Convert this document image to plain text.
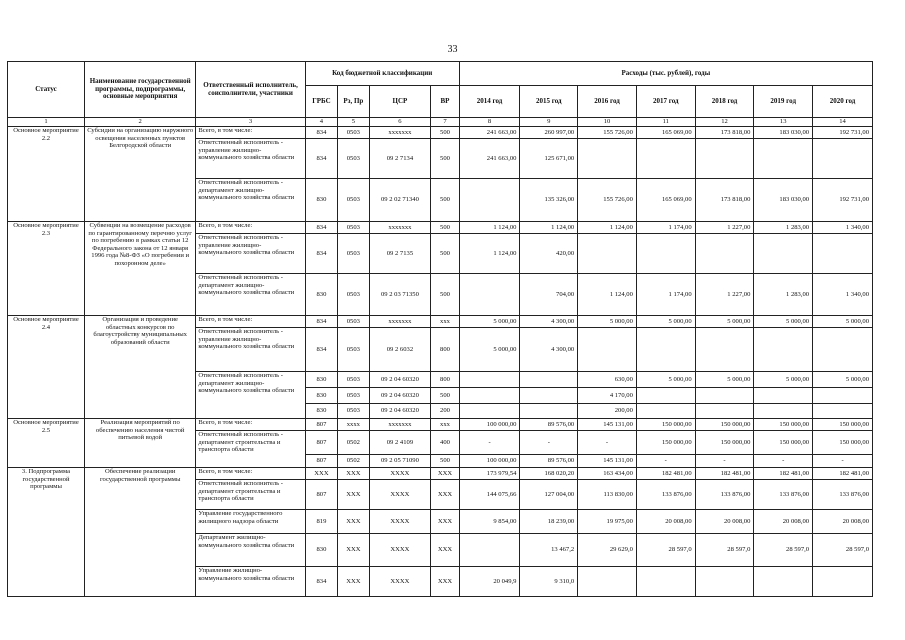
33
Статус	Наименование государственной программы, подпрограммы, основные мероприятия	Ответственный исполнитель, соисполнители, участники	Код бюджетной классификации				Расходы (тыс. рублей), годы						
			ГРБС	Рз, Пр	ЦСР	ВР	2014 год	2015 год	2016 год	2017 год	2018 год	2019 год	2020 год
1	2	3	4	5	6	7	8	9	10	11	12	13	14
Основное мероприятие 2.2	Субсидии на организацию наружного освещения населенных пунктов Белгородской области	Всего, в том числе:	834	0503	ххххххх	500	241 663,00	260 997,00	155 726,00	165 069,00	173 818,00	183 030,00	192 731,00
		Ответственный исполнитель - управление жилищно-коммунального хозяйства области	834	0503	09 2 7134	500	241 663,00	125 671,00					
		Ответственный исполнитель - департамент жилищно-коммунального хозяйства области	830	0503	09 2 02 71340	500		135 326,00	155 726,00	165 069,00	173 818,00	183 030,00	192 731,00
Основное мероприятие 2.3	Субвенции на возмещение расходов по гарантированному перечню услуг по погребению в рамках статьи 12 Федерального закона от 12 января 1996 года №8-ФЗ «О погребении и похоронном деле»	Всего, в том числе:	834	0503	ххххххх	500	1 124,00	1 124,00	1 124,00	1 174,00	1 227,00	1 283,00	1 340,00
		Ответственный исполнитель - управление жилищно-коммунального хозяйства области	834	0503	09 2 7135	500	1 124,00	420,00					
		Ответственный исполнитель - департамент жилищно-коммунального хозяйства области	830	0503	09 2 03 71350	500		704,00	1 124,00	1 174,00	1 227,00	1 283,00	1 340,00
Основное мероприятие 2.4	Организация и проведение областных конкурсов по благоустройству муниципальных образований области	Всего, в том числе:	834	0503	ххххххх	ххх	5 000,00	4 300,00	5 000,00	5 000,00	5 000,00	5 000,00	5 000,00
		Ответственный исполнитель - управление жилищно-коммунального хозяйства области	834	0503	09 2 6032	800	5 000,00	4 300,00					
		Ответственный исполнитель - департамент жилищно-коммунального хозяйства области	830	0503	09 2 04 60320	800			630,00	5 000,00	5 000,00	5 000,00	5 000,00
			830	0503	09 2 04 60320	500			4 170,00				
			830	0503	09 2 04 60320	200			200,00				
Основное мероприятие 2.5	Реализация мероприятий по обеспечению населения чистой питьевой водой	Всего, в том числе:	807	хххх	ххххххх	ххх	100 000,00	89 576,00	145 131,00	150 000,00	150 000,00	150 000,00	150 000,00
		Ответственный исполнитель - департамент строительства и транспорта области	807	0502	09 2 4109	400	-	-	-	150 000,00	150 000,00	150 000,00	150 000,00
			807	0502	09 2 05 71090	500	100 000,00	89 576,00	145 131,00	-	-	-	-
3. Подпрограмма государственной программы	Обеспечение реализации государственной программы	Всего, в том числе:	XXX	XXX	XXXX	XXX	173 979,54	168 020,20	163 434,00	182 481,00	182 481,00	182 481,00	182 481,00
		Ответственный исполнитель - департамент строительства и транспорта области	807	XXX	XXXX	XXX	144 075,66	127 004,00	113 830,00	133 876,00	133 876,00	133 876,00	133 876,00
		Управление государственного жилищного надзора области	819	XXX	XXXX	XXX	9 854,00	18 239,00	19 975,00	20 008,00	20 008,00	20 008,00	20 008,00
		Департамент жилищно-коммунального хозяйства области	830	XXX	XXXX	XXX		13 467,2	29 629,0	28 597,0	28 597,0	28 597,0	28 597,0
		Управление жилищно-коммунального хозяйства области	834	XXX	XXXX	XXX	20 049,9	9 310,0					
